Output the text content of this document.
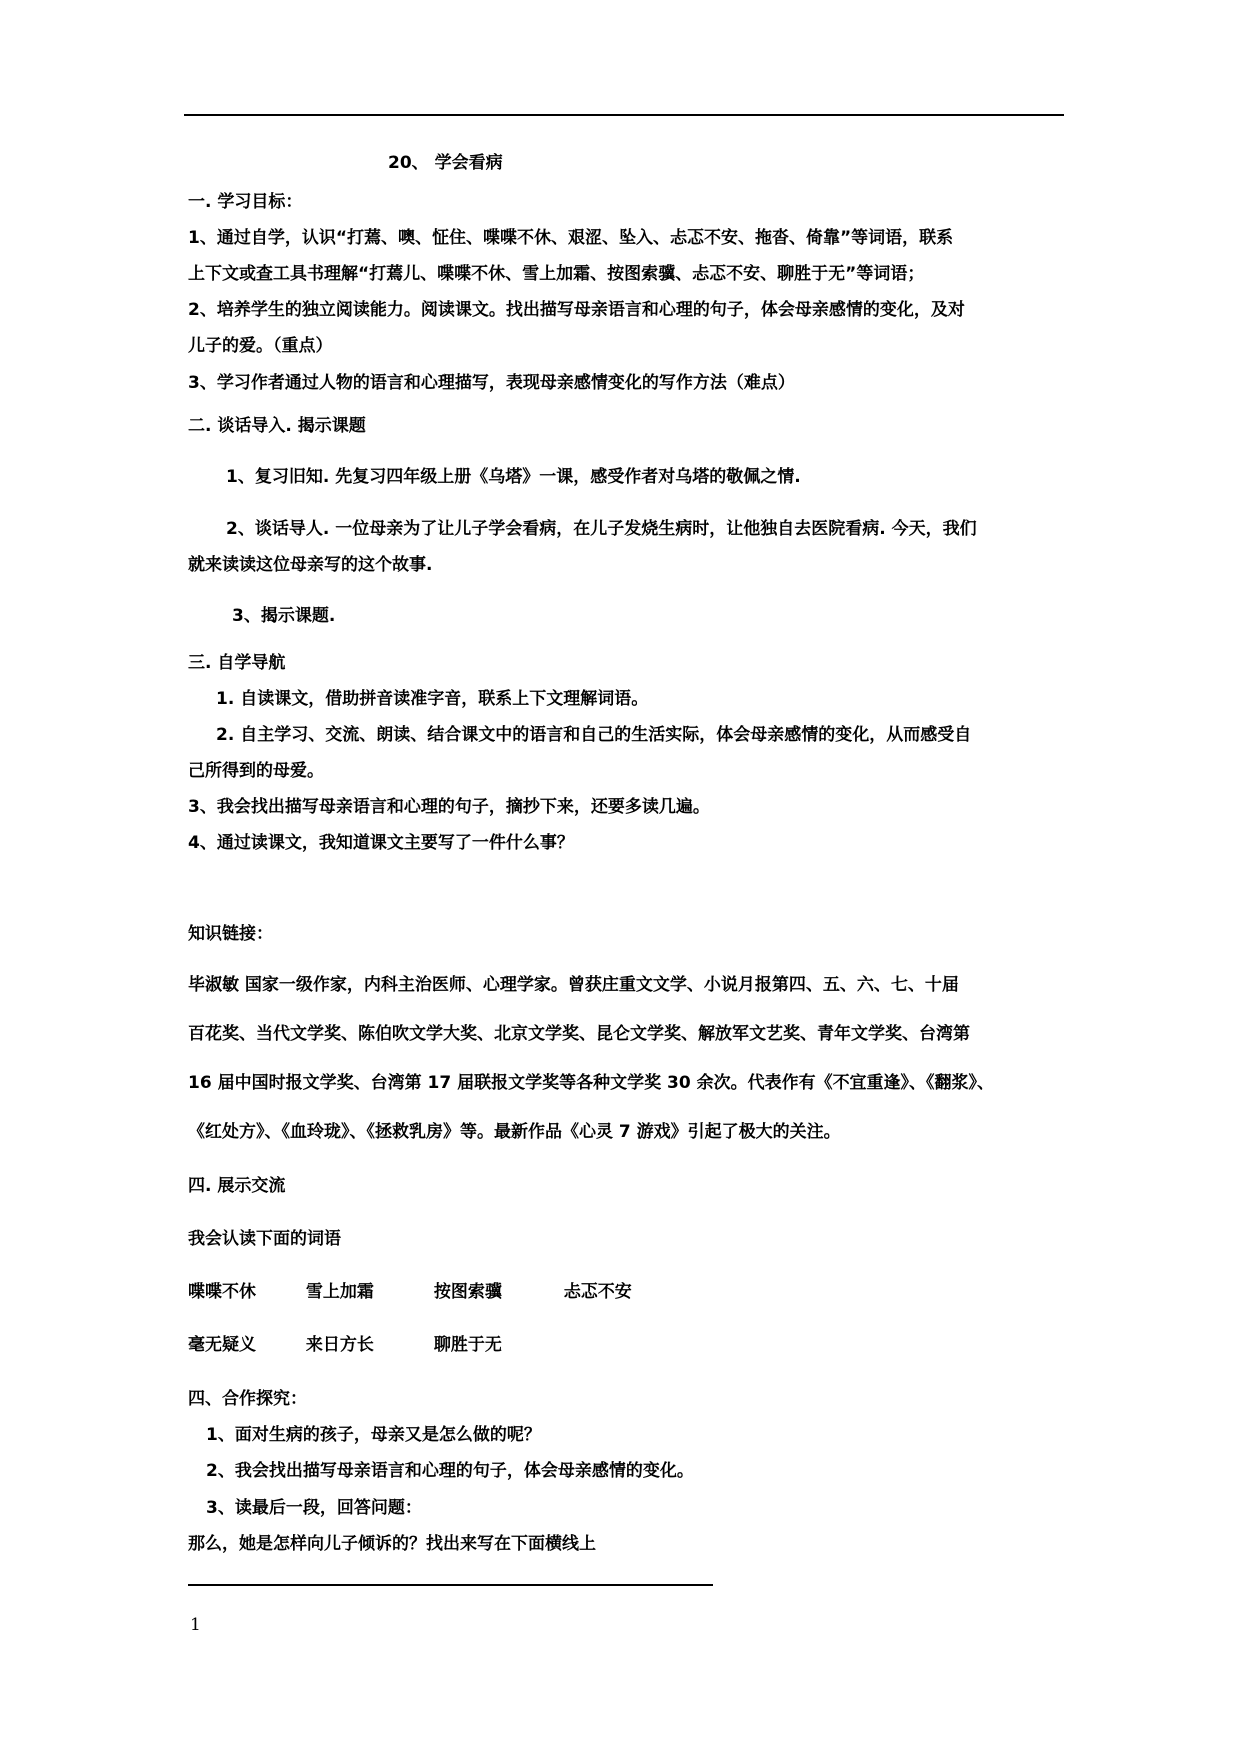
20、 学会看病
一. 学习目标：
1、通过自学，认识“打蔫、噢、怔住、喋喋不休、艰涩、坠入、忐忑不安、拖沓、倚靠”等词语，联系
上下文或查工具书理解“打蔫儿、喋喋不休、雪上加霜、按图索骥、忐忑不安、聊胜于无”等词语；
2、培养学生的独立阅读能力。阅读课文。找出描写母亲语言和心理的句子，体会母亲感情的变化，及对
儿子的爱。（重点）
3、学习作者通过人物的语言和心理描写，表现母亲感情变化的写作方法（难点）
二. 谈话导入. 揭示课题
1、复习旧知. 先复习四年级上册《乌塔》一课，感受作者对乌塔的敬佩之情.
2、谈话导人. 一位母亲为了让儿子学会看病，在儿子发烧生病时，让他独自去医院看病. 今天，我们
就来读读这位母亲写的这个故事.
3、揭示课题.
三. 自学导航
1. 自读课文，借助拼音读准字音，联系上下文理解词语。
2. 自主学习、交流、朗读、结合课文中的语言和自己的生活实际，体会母亲感情的变化，从而感受自
己所得到的母爱。
3、我会找出描写母亲语言和心理的句子，摘抄下来，还要多读几遍。
4、通过读课文，我知道课文主要写了一件什么事？
知识链接：
毕淑敏 国家一级作家，内科主治医师、心理学家。曾获庄重文文学、小说月报第四、五、六、七、十届
百花奖、当代文学奖、陈伯吹文学大奖、北京文学奖、昆仑文学奖、解放军文艺奖、青年文学奖、台湾第
16 届中国时报文学奖、台湾第 17 届联报文学奖等各种文学奖 30 余次。代表作有《不宜重逢》、《翻浆》、
《红处方》、《血玲珑》、《拯救乳房》等。最新作品《心灵 7 游戏》引起了极大的关注。
四. 展示交流
我会认读下面的词语
喋喋不休	雪上加霜	按图索骥	忐忑不安
毫无疑义	来日方长	聊胜于无
四、合作探究：
1、面对生病的孩子，母亲又是怎么做的呢？
2、我会找出描写母亲语言和心理的句子，体会母亲感情的变化。
3、读最后一段，回答问题：
那么，她是怎样向儿子倾诉的？找出来写在下面横线上
1
